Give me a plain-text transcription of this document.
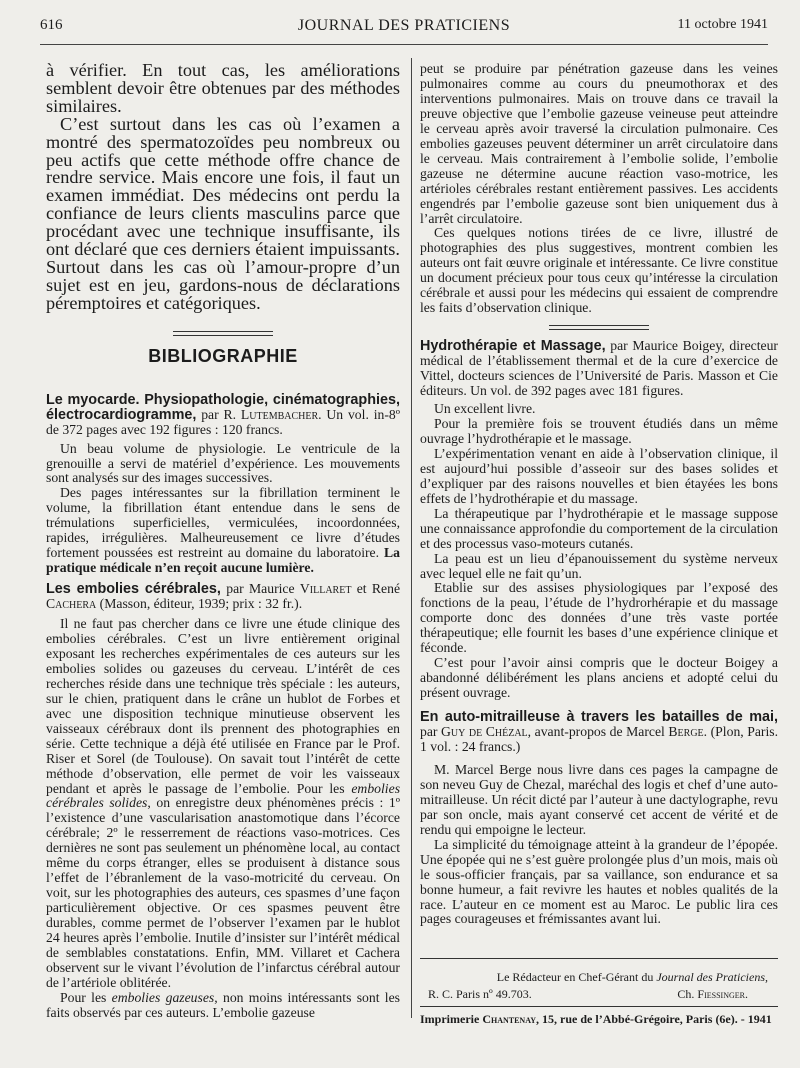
616	JOURNAL DES PRATICIENS	11 octobre 1941

à vérifier. En tout cas, les améliorations semblent devoir être obtenues par des méthodes similaires.

C’est surtout dans les cas où l’examen a montré des spermatozoïdes peu nombreux ou peu actifs que cette méthode offre chance de rendre service. Mais encore une fois, il faut un examen immédiat. Des médecins ont perdu la confiance de leurs clients masculins parce que procédant avec une technique insuffisante, ils ont déclaré que ces derniers étaient impuissants. Surtout dans les cas où l’amour-propre d’un sujet est en jeu, gardons-nous de déclarations péremptoires et catégoriques.

BIBLIOGRAPHIE
Le myocarde. Physiopathologie, cinématographies, électrocardiogramme, par R. Lutembacher. Un vol. in-8º de 372 pages avec 192 figures : 120 francs.

Un beau volume de physiologie. Le ventricule de la grenouille a servi de matériel d’expérience. Les mouvements sont analysés sur des images successives.

Des pages intéressantes sur la fibrillation terminent le volume, la fibrillation étant entendue dans le sens de trémulations superficielles, vermiculées, incoordonnées, rapides, irrégulières. Malheureusement ce livre d’études fortement poussées est restreint au domaine du laboratoire. La pratique médicale n’en reçoit aucune lumière.

Les embolies cérébrales, par Maurice Villaret et René Cachera (Masson, éditeur, 1939; prix : 32 fr.).

Il ne faut pas chercher dans ce livre une étude clinique des embolies cérébrales. C’est un livre entièrement original exposant les recherches expérimentales de ces auteurs sur les embolies solides ou gazeuses du cerveau. L’intérêt de ces recherches réside dans une technique très spéciale : les auteurs, sur le chien, pratiquent dans le crâne un hublot de Forbes et avec une disposition technique minutieuse observent les vaisseaux cérébraux dont ils prennent des photographies en série. Cette technique a déjà été utilisée en France par le Prof. Riser et Sorel (de Toulouse). On savait tout l’intérêt de cette méthode d’observation, elle permet de voir les vaisseaux pendant et après le passage de l’embolie. Pour les embolies cérébrales solides, on enregistre deux phénomènes précis : 1º l’existence d’une vascularisation anastomotique dans l’écorce cérébrale; 2º le resserrement de réactions vaso-motrices. Ces dernières ne sont pas seulement un phénomène local, au contact même du corps étranger, elles se produisent à distance sous l’effet de l’ébranlement de la vaso-motricité du cerveau. On voit, sur les photographies des auteurs, ces spasmes d’une façon particulièrement objective. Or ces spasmes peuvent être durables, comme permet de l’observer l’examen par le hublot 24 heures après l’embolie. Inutile d’insister sur l’intérêt médical de semblables constatations. Enfin, MM. Villaret et Cachera observent sur le vivant l’évolution de l’infarctus cérébral autour de l’artériole oblitérée.

Pour les embolies gazeuses, non moins intéressants sont les faits observés par ces auteurs. L’embolie gazeuse

peut se produire par pénétration gazeuse dans les veines pulmonaires comme au cours du pneumothorax et des interventions pulmonaires. Mais on trouve dans ce travail la preuve objective que l’embolie gazeuse veineuse peut atteindre le cerveau après avoir traversé la circulation pulmonaire. Ces embolies gazeuses peuvent déterminer un arrêt circulatoire dans le cerveau. Mais contrairement à l’embolie solide, l’embolie gazeuse ne détermine aucune réaction vaso-motrice, les artérioles cérébrales restant entièrement passives. Les accidents engendrés par l’embolie gazeuse sont bien uniquement dus à l’arrêt circulatoire.

Ces quelques notions tirées de ce livre, illustré de photographies des plus suggestives, montrent combien les auteurs ont fait œuvre originale et intéressante. Ce livre constitue un document précieux pour tous ceux qu’intéresse la circulation cérébrale et aussi pour les médecins qui essaient de comprendre les faits d’observation clinique.

Hydrothérapie et Massage, par Maurice Boigey, directeur médical de l’établissement thermal et de la cure d’exercice de Vittel, docteurs sciences de l’Université de Paris. Masson et Cie éditeurs. Un vol. de 392 pages avec 181 figures.

Un excellent livre.

Pour la première fois se trouvent étudiés dans un même ouvrage l’hydrothérapie et le massage.

L’expérimentation venant en aide à l’observation clinique, il est aujourd’hui possible d’asseoir sur des bases solides et d’expliquer par des raisons nouvelles et bien étayées les bons effets de l’hydrothérapie et du massage.

La thérapeutique par l’hydrothérapie et le massage suppose une connaissance approfondie du comportement de la circulation et des processus vaso-moteurs cutanés.

La peau est un lieu d’épanouissement du système nerveux avec lequel elle ne fait qu’un.

Etablie sur des assises physiologiques par l’exposé des fonctions de la peau, l’étude de l’hydrorhérapie et du massage comporte donc des données d’une très vaste portée thérapeutique; elle fournit les bases d’une expérience clinique et féconde.

C’est pour l’avoir ainsi compris que le docteur Boigey a abandonné délibérément les plans anciens et adopté celui du présent ouvrage.

En auto-mitrailleuse à travers les batailles de mai, par Guy de Chézal, avant-propos de Marcel Berge. (Plon, Paris. 1 vol. : 24 francs.)

M. Marcel Berge nous livre dans ces pages la campagne de son neveu Guy de Chezal, maréchal des logis et chef d’une auto-mitrailleuse. Un récit dicté par l’auteur à une dactylographe, revu par son oncle, mais ayant conservé cet accent de vérité et de rendu qui empoigne le lecteur.

La simplicité du témoignage atteint à la grandeur de l’épopée. Une épopée qui ne s’est guère prolongée plus d’un mois, mais où le sous-officier français, par sa vaillance, son endurance et sa bonne humeur, a fait revivre les hautes et nobles qualités de la race. L’auteur en ce moment est au Maroc. Le public lira ces pages courageuses et frémissantes avant lui.

Le Rédacteur en Chef-Gérant du Journal des Praticiens,
R. C. Paris nº 49.703.	Ch. Fiessinger.
Imprimerie Chantenay, 15, rue de l’Abbé-Grégoire, Paris (6e). - 1941
